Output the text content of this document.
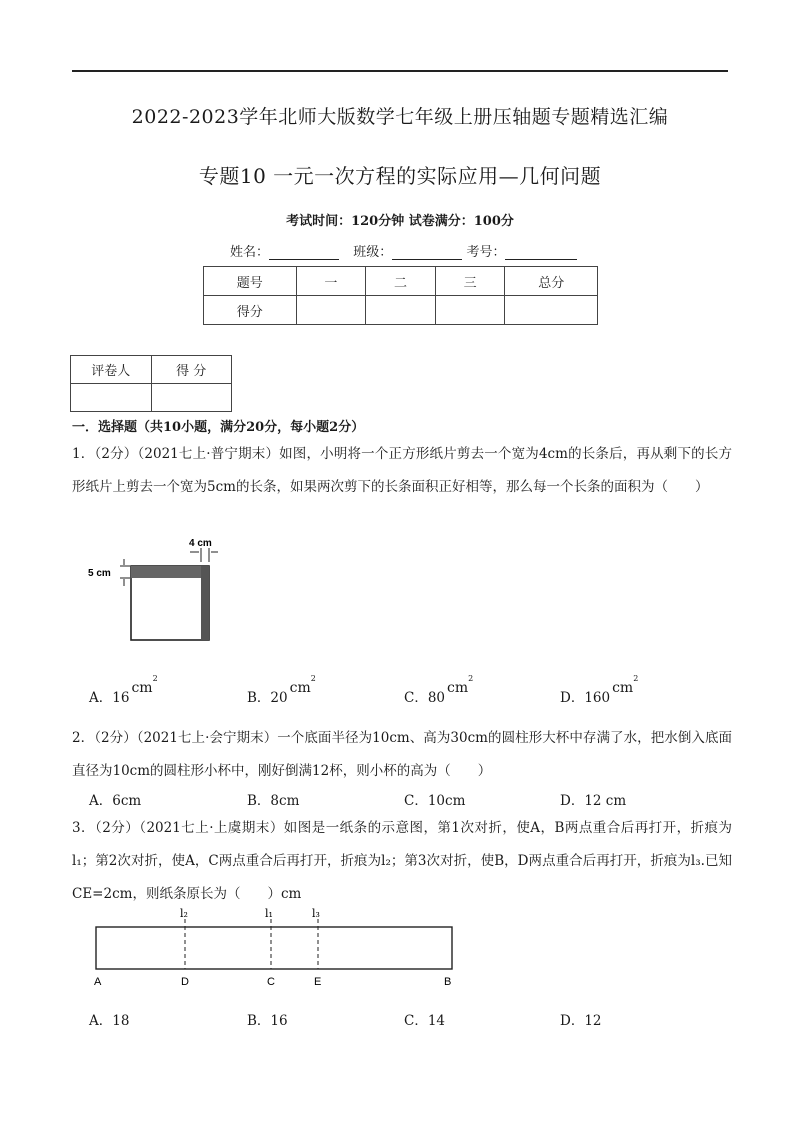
2022-2023学年北师大版数学七年级上册压轴题专题精选汇编
专题10 一元一次方程的实际应用—几何问题
考试时间：120分钟 试卷满分：100分
姓名：	班级：	考号：
题号	一	二	三	总分
得分				
评卷人	得 分

一．选择题（共10小题，满分20分，每小题2分）
1．（2分）（2021七上·普宁期末）如图，小明将一个正方形纸片剪去一个宽为4cm的长条后，再从剩下的长方形纸片上剪去一个宽为5cm的长条，如果两次剪下的长条面积正好相等，那么每一个长条的面积为（　　）
4 cm
5 cm
A．$16cm^2$
B．$20cm^2$
C．$80cm^2$
D．$160cm^2$
2．（2分）（2021七上·会宁期末）一个底面半径为10cm、高为30cm的圆柱形大杯中存满了水，把水倒入底面直径为10cm的圆柱形小杯中，刚好倒满12杯，则小杯的高为（　　）
A．6cm	B．8cm	C．10cm	D．12 cm
3．（2分）（2021七上·上虞期末）如图是一纸条的示意图，第1次对折，使A，B两点重合后再打开，折痕为l₁；第2次对折，使A，C两点重合后再打开，折痕为l₂；第3次对折，使B，D两点重合后再打开，折痕为l₃.已知CE=2cm，则纸条原长为（　　）cm
l₂	l₁	l₃
A	D	C	E	B
A．18	B．16	C．14	D．12
